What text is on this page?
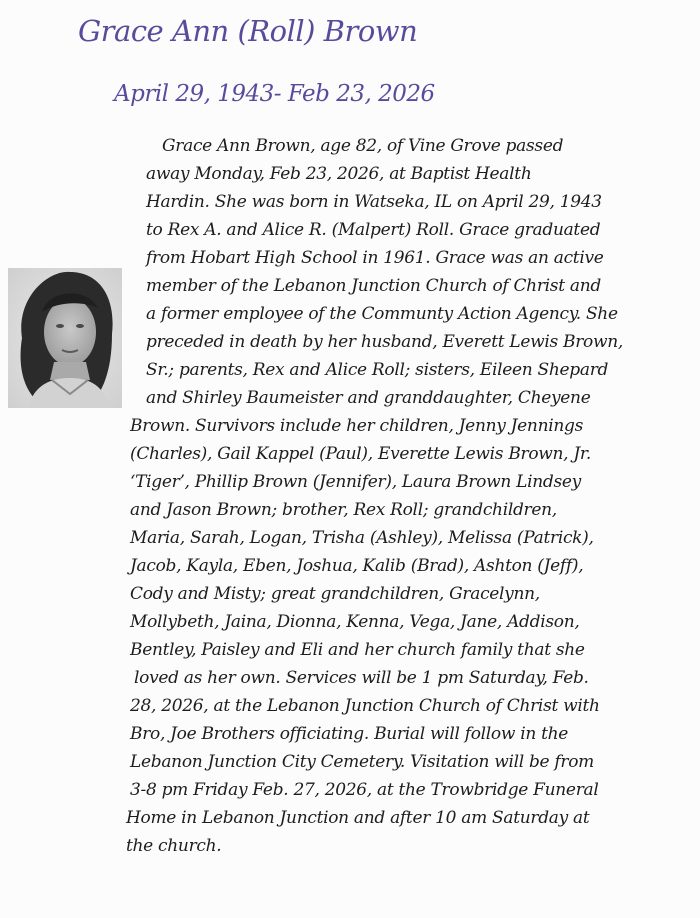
Grace Ann (Roll) Brown
April 29, 1943- Feb 23, 2026
Grace Ann Brown, age 82, of Vine Grove passed
away Monday, Feb 23, 2026, at Baptist Health
Hardin. She was born in Watseka, IL on April 29, 1943
to Rex A. and Alice R. (Malpert) Roll. Grace graduated
from Hobart High School in 1961. Grace was an active
member of the Lebanon Junction Church of Christ and
a former employee of the Communty Action Agency. She
preceded in death by her husband, Everett Lewis Brown,
Sr.; parents, Rex and Alice Roll; sisters, Eileen Shepard
and Shirley Baumeister and granddaughter, Cheyene
Brown. Survivors include her children, Jenny Jennings
(Charles), Gail Kappel (Paul), Everette Lewis Brown, Jr.
‘Tiger’, Phillip Brown (Jennifer), Laura Brown Lindsey
and Jason Brown; brother, Rex Roll; grandchildren,
Maria, Sarah, Logan, Trisha (Ashley), Melissa (Patrick),
Jacob, Kayla, Eben, Joshua, Kalib (Brad), Ashton (Jeff),
Cody and Misty; great grandchildren, Gracelynn,
Mollybeth, Jaina, Dionna, Kenna, Vega, Jane, Addison,
Bentley, Paisley and Eli and her church family that she
loved as her own. Services will be 1 pm Saturday, Feb.
28, 2026, at the Lebanon Junction Church of Christ with
Bro, Joe Brothers officiating. Burial will follow in the
Lebanon Junction City Cemetery. Visitation will be from
3-8 pm Friday Feb. 27, 2026, at the Trowbridge Funeral
Home in Lebanon Junction and after 10 am Saturday at
the church.
